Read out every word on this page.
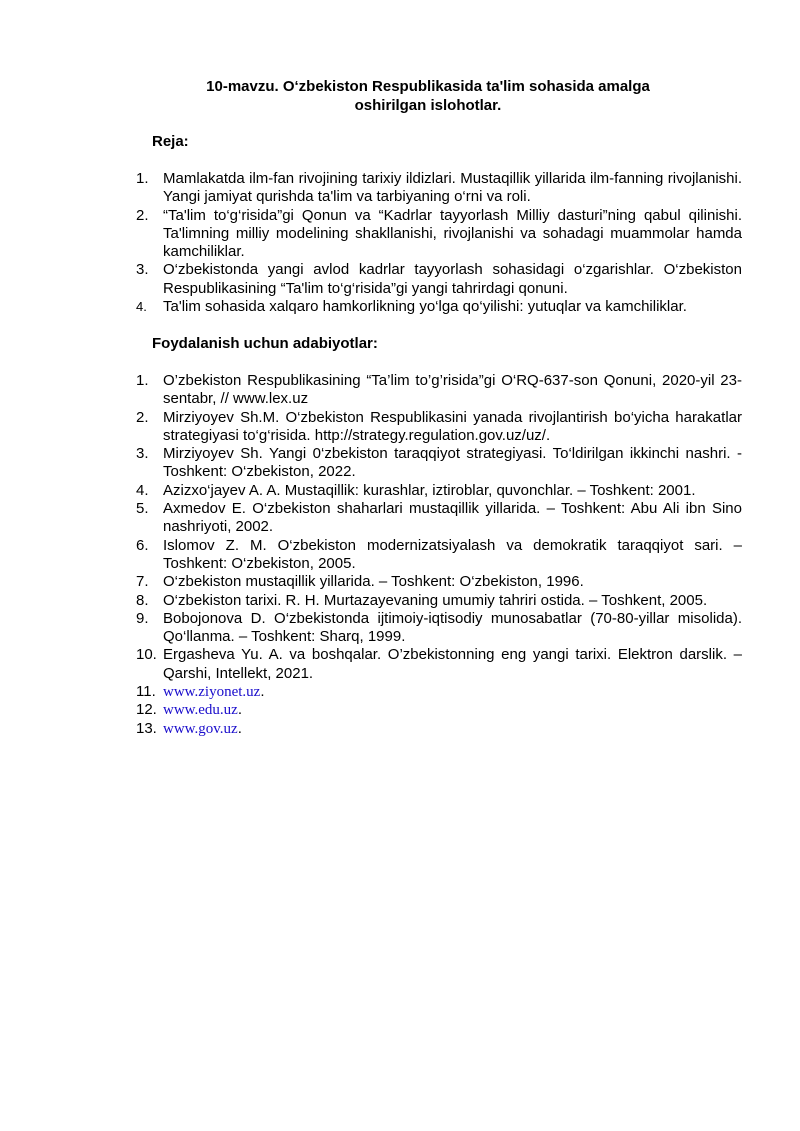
10-mavzu. O‘zbekiston Respublikasida ta'lim sohasida amalga
oshirilgan islohotlar.
Reja:
1. Mamlakatda ilm-fan rivojining tarixiy ildizlari. Mustaqillik yillarida ilm-fanning rivojlanishi. Yangi jamiyat qurishda ta'lim va tarbiyaning o‘rni va roli.
2. “Ta'lim to‘g‘risida”gi Qonun va “Kadrlar tayyorlash Milliy dasturi”ning qabul qilinishi. Ta'limning milliy modelining shakllanishi, rivojlanishi va sohadagi muammolar hamda kamchiliklar.
3. O‘zbekistonda yangi avlod kadrlar tayyorlash sohasidagi o‘zgarishlar. O‘zbekiston Respublikasining “Ta'lim to‘g‘risida”gi yangi tahrirdagi qonuni.
4. Ta'lim sohasida xalqaro hamkorlikning yo‘lga qo‘yilishi: yutuqlar va kamchiliklar.
Foydalanish uchun adabiyotlar:
1. O’zbekiston Respublikasining “Ta’lim to’g’risida”gi O‘RQ-637-son Qonuni, 2020-yil 23-sentabr, // www.lex.uz
2. Mirziyoyev Sh.M. O‘zbekiston Respublikasini yanada rivojlantirish bo‘yicha harakatlar strategiyasi to‘g‘risida. http://strategy.regulation.gov.uz/uz/.
3. Mirziyoyev Sh. Yangi 0‘zbekiston taraqqiyot strategiyasi. To‘ldirilgan ikkinchi nashri. - Toshkent: O‘zbekiston, 2022.
4. Azizxo‘jayev A. A. Mustaqillik: kurashlar, iztiroblar, quvonchlar. – Toshkent: 2001.
5. Axmedov E. O‘zbekiston shaharlari mustaqillik yillarida. – Toshkent: Abu Ali ibn Sino nashriyoti, 2002.
6. Islomov Z. M. O‘zbekiston modernizatsiyalash va demokratik taraqqiyot sari. – Toshkent: O‘zbekiston, 2005.
7. O‘zbekiston mustaqillik yillarida. – Toshkent: O‘zbekiston, 1996.
8. O‘zbekiston tarixi. R. H. Murtazayevaning umumiy tahriri ostida. – Toshkent, 2005.
9. Bobojonova D. O‘zbekistonda ijtimoiy-iqtisodiy munosabatlar (70-80-yillar misolida). Qo‘llanma. – Toshkent: Sharq, 1999.
10. Ergasheva Yu. A. va boshqalar. O’zbekistonning eng yangi tarixi. Elektron darslik. – Qarshi, Intellekt, 2021.
11. www.ziyonet.uz.
12. www.edu.uz.
13. www.gov.uz.
